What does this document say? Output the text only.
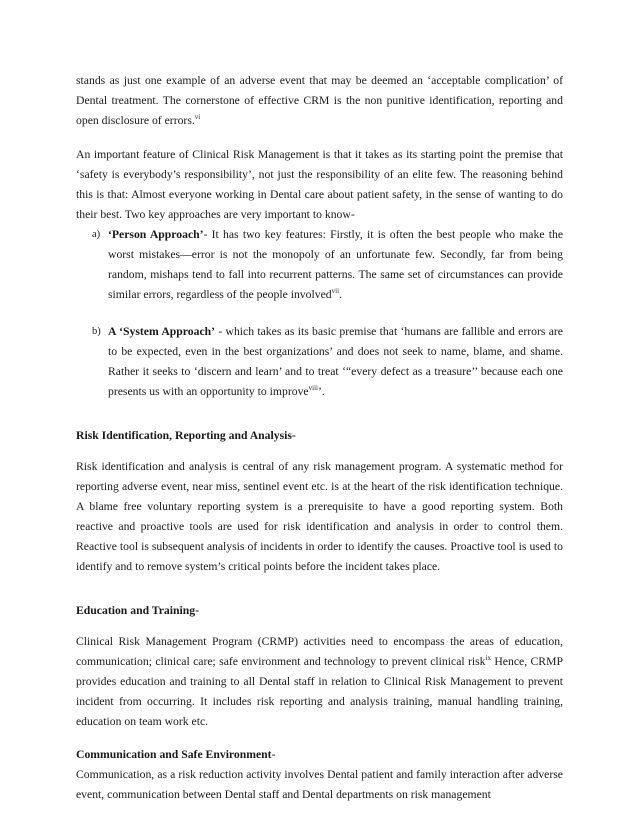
stands as just one example of an adverse event that may be deemed an ‘acceptable complication’ of Dental treatment. The cornerstone of effective CRM is the non punitive identification, reporting and open disclosure of errors.$^{vi}$

An important feature of Clinical Risk Management is that it takes as its starting point the premise that ‘safety is everybody’s responsibility’, not just the responsibility of an elite few. The reasoning behind this is that: Almost everyone working in Dental care about patient safety, in the sense of wanting to do their best. Two key approaches are very important to know-

a) ‘Person Approach’- It has two key features: Firstly, it is often the best people who make the worst mistakes—error is not the monopoly of an unfortunate few. Secondly, far from being random, mishaps tend to fall into recurrent patterns. The same set of circumstances can provide similar errors, regardless of the people involved$^{vii}$.
b) A ‘System Approach’ - which takes as its basic premise that ‘humans are fallible and errors are to be expected, even in the best organizations’ and does not seek to name, blame, and shame. Rather it seeks to ‘discern and learn’ and to treat ‘“every defect as a treasure’’ because each one presents us with an opportunity to improve$^{viii}$’.
Risk Identification, Reporting and Analysis-

Risk identification and analysis is central of any risk management program. A systematic method for reporting adverse event, near miss, sentinel event etc. is at the heart of the risk identification technique. A blame free voluntary reporting system is a prerequisite to have a good reporting system. Both reactive and proactive tools are used for risk identification and analysis in order to control them. Reactive tool is subsequent analysis of incidents in order to identify the causes. Proactive tool is used to identify and to remove system’s critical points before the incident takes place.

Education and Training-

Clinical Risk Management Program (CRMP) activities need to encompass the areas of education, communication; clinical care; safe environment and technology to prevent clinical risk$^{ix}$ Hence, CRMP provides education and training to all Dental staff in relation to Clinical Risk Management to prevent incident from occurring. It includes risk reporting and analysis training, manual handling training, education on team work etc.

Communication and Safe Environment-

Communication, as a risk reduction activity involves Dental patient and family interaction after adverse event, communication between Dental staff and Dental departments on risk management
